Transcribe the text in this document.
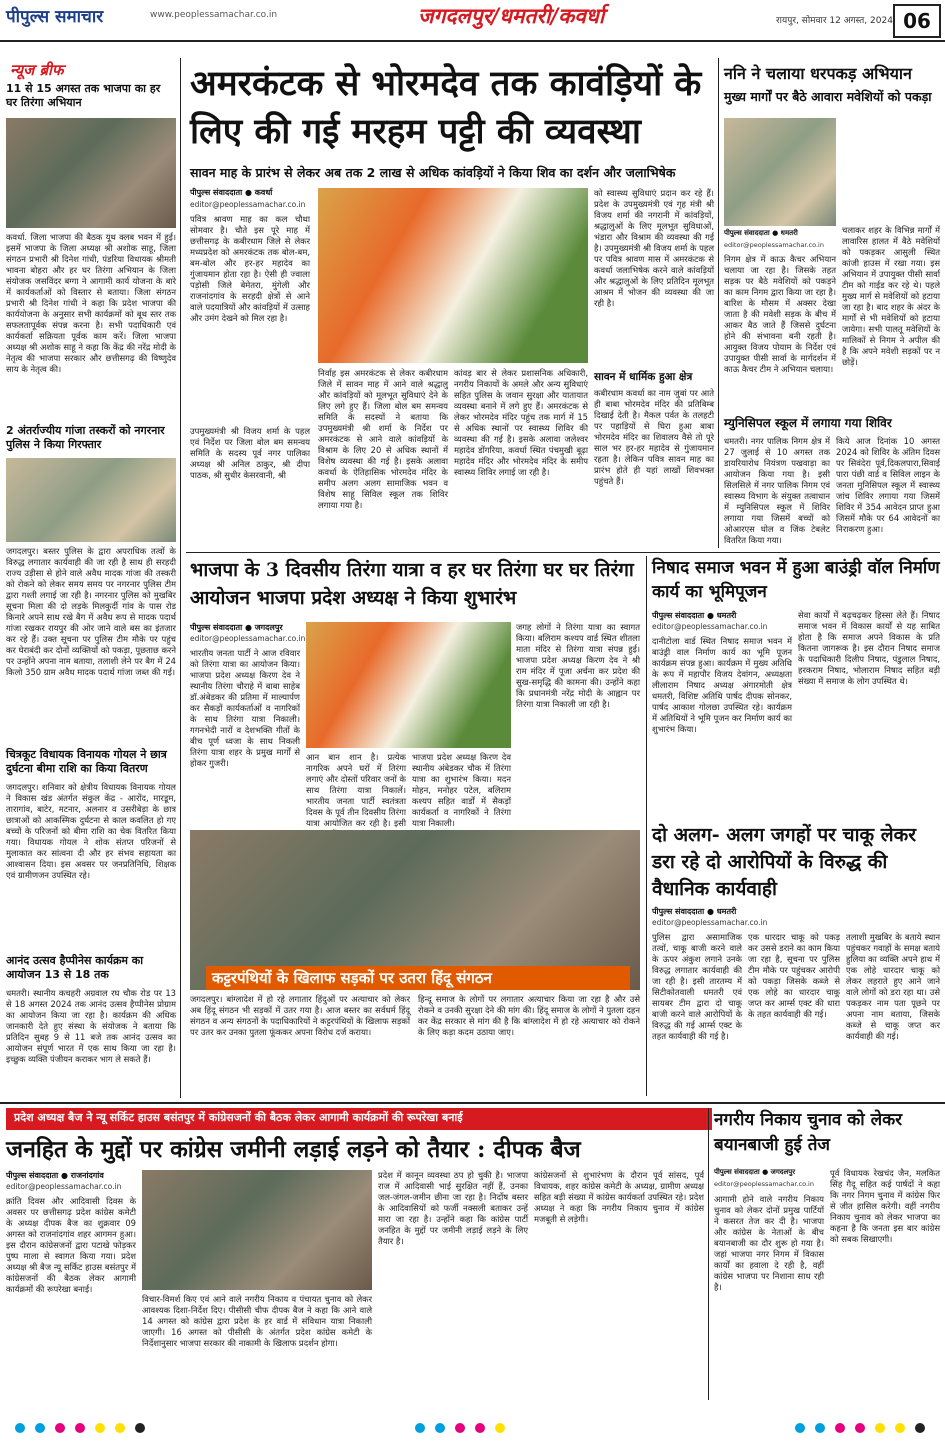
पीपुल्स समाचार	www.peoplessamachar.co.in	जगदलपुर/धमतरी/कवर्धा	रायपुर, सोमवार 12 अगस्त, 2024 06
न्यूज ब्रीफ
11 से 15 अगस्त तक भाजपा का हर घर तिरंगा अभियान
कवर्धा. जिला भाजपा की बैठक यूथ क्लब भवन में हुई। इसमें भाजपा के जिला अध्यक्ष श्री अशोक साहू, जिला संगठन प्रभारी श्री दिनेश गांधी, पंडरिया विधायक श्रीमती भावना बोहरा और हर घर तिरंगा अभियान के जिला संयोजक जसविंदर बग्गा ने आगामी कार्य योजना के बारे में कार्यकर्ताओं को विस्तार से बताया। जिला संगठन प्रभारी श्री दिनेश गांधी ने कहा कि प्रदेश भाजपा की कार्ययोजना के अनुसार सभी कार्यक्रमों को बूथ स्तर तक सफलतापूर्वक संपन्न करना है। सभी पदाधिकारी एवं कार्यकर्ता सक्रियता पूर्वक काम करें। जिला भाजपा अध्यक्ष श्री अशोक साहू ने कहा कि केंद्र की नरेंद्र मोदी के नेतृत्व की भाजपा सरकार और छत्तीसगढ़ की विष्णुदेव साय के नेतृत्व की।
2 अंतर्राज्यीय गांजा तस्करों को नगरनार पुलिस ने किया गिरफ्तार
जगदलपुर। बस्तर पुलिस के द्वारा अपराधिक तत्वों के विरुद्ध लगातार कार्यवाही की जा रही है साथ ही सरहदी राज्य उड़ीसा से होने वाले अवैध मादक गांजा की तस्करी को रोकने को लेकर समय समय पर नगरनार पुलिस टीम द्वारा गश्ती लगाई जा रही है। नगरनार पुलिस को मुखबिर सूचना मिला की दो लड़के मिलकुर्दी गांव के पास रोड किनारे अपने साथ रखे बैग में अवैध रूप से मादक पदार्थ गांजा रखकर रायपुर की ओर जाने वाले बस का इंतजार कर रहे हैं। उक्त सूचना पर पुलिस टीम मौके पर पहुंच कर घेराबंदी कर दोनों व्यक्तियों को पकड़ा, पूछताछ करने पर उन्होंने अपना नाम बताया, तलाशी लेने पर बैग में 24 किलो 350 ग्राम अवैध मादक पदार्थ गांजा जब्त की गई।
चित्रकूट विधायक विनायक गोयल ने छात्र दुर्घटना बीमा राशि का किया वितरण
जगदलपुर। शनिवार को क्षेत्रीय विधायक विनायक गोयल ने विकास खंड अंतर्गत संकुल केंद्र - आरोंद, मारडूम, तारागांव, बाटेर, मटनार, अलनार व उसरीबेड़ा के छात्र छात्राओं को आकस्मिक दुर्घटना से काल कवलित हो गए बच्चों के परिजनों को बीमा राशि का चेक वितरित किया गया। विधायक गोयल ने शोक संतप्त परिजनों से मुलाकात कर सांत्वना दी और हर संभव सहायता का आश्वासन दिया। इस अवसर पर जनप्रतिनिधि, शिक्षक एवं ग्रामीणजन उपस्थित रहे।
आनंद उत्सव हैप्पीनेस कार्यक्रम का आयोजन 13 से 18 तक
धमतरी। स्थानीय कचहरी अग्रवाल रघ चौक रोड पर 13 से 18 अगस्त 2024 तक आनंद उत्सव हैप्पीनेस प्रोग्राम का आयोजन किया जा रहा है। कार्यक्रम की अधिक जानकारी देते हुए संस्था के संयोजक ने बताया कि प्रतिदिन सुबह 9 से 11 बजे तक आनंद उत्सव का आयोजन संपूर्ण भारत में एक साथ किया जा रहा है। इच्छुक व्यक्ति पंजीयन कराकर भाग ले सकते हैं।
अमरकंटक से भोरमदेव तक कावंड़ियों के लिए की गई मरहम पट्टी की व्यवस्था
सावन माह के प्रारंभ से लेकर अब तक 2 लाख से अधिक कांवड़ियों ने किया शिव का दर्शन और जलाभिषेक
पीपुल्स संवाददाता ● कवर्धा
editor@peoplessamachar.co.in
पवित्र श्रावण माह का कल चौथा सोमवार है। चौते इस पूरे माह में छत्तीसगढ़ के कबीरधाम जिले से लेकर मध्यप्रदेश को अमरकंटक तक बोल-बम, बम-बोल और हर-हर महादेव का गुंजायमान होता रहा है। ऐसी ही ज्वाला पड़ोसी जिले बेमेतरा, मुंगेली और राजनांदगांव के सरहदी क्षेत्रों से आने वाले पदयात्रियों और कांवड़ियों में उत्साह और उमंग देखने को मिल रहा है।
उपमुख्यमंत्री श्री विजय शर्मा के पहल एवं निर्देश पर जिला बोल बम समन्वय समिति के सदस्य पूर्व नगर पालिका अध्यक्ष श्री अनिल ठाकुर, श्री दीपा पाठक, श्री सुधीर केसरवानी, श्री
निर्वाह इस अमरकंटक से लेकर कबीरधाम जिले में सावन माह में आने वाले श्रद्धालु और कांवड़ियों को मूलभूत सुविधाएं देने के लिए लगे हुए हैं। जिला बोल बम समन्वय समिति के सदस्यों ने बताया कि उपमुख्यमंत्री श्री शर्मा के निर्देश पर अमरकंटक से आने वाले कांवड़ियों के विश्राम के लिए 20 से अधिक स्थानों में विशेष व्यवस्था की गई है। इसके अलावा कवर्धा के ऐतिहासिक भोरमदेव मंदिर के समीप अलग अलग सामाजिक भवन व विशेष साहू सिविल स्कूल तक शिविर लगाया गया है।
कांवड़ बार से लेकर प्रशासनिक अधिकारी, नगरीय निकायों के अमले और अन्य सुविधाएं सहित पुलिस के जवान सुरक्षा और यातायात व्यवस्था बनाने में लगे हुए हैं। अमरकंटक से लेकर भोरमदेव मंदिर पहुंच तक मार्ग में 15 से अधिक स्थानों पर स्वास्थ्य शिविर की व्यवस्था की गई है। इसके अलावा जलेश्वर महादेव डोंगरिया, कवर्धा स्थित पंचमुखी बूढ़ा महादेव मंदिर और भोरमदेव मंदिर के समीप स्वास्थ्य शिविर लगाई जा रही है।
को स्वास्थ्य सुविधाएं प्रदान कर रहे हैं। प्रदेश के उपमुख्यमंत्री एवं गृह मंत्री श्री विजय शर्मा की नगरानी में कांवड़ियों, श्रद्धालुओं के लिए मूलभूत सुविधाओं, भंडारा और विश्राम की व्यवस्था की गई है। उपमुख्यमंत्री श्री विजय शर्मा के पहल पर पवित्र श्रावण मास में अमरकंटक से कवर्धा जलाभिषेक करने वाले कांवड़ियों और श्रद्धालुओं के लिए प्रतिदिन मूलभूत आश्रम में भोजन की व्यवस्था की जा रही है।
सावन में धार्मिक हुआ क्षेत्र
कबीरधाम कवर्धा का नाम जुबां पर आते ही बाबा भोरमदेव मंदिर की प्रतिबिम्ब दिखाई देती है। मैकल पर्वत के तलहटी पर पहाड़ियों से घिरा हुआ बाबा भोरमदेव मंदिर का शिवालय वैसे तो पूरे साल भर हर-हर महादेव से गुंजायमान रहता है। लेकिन पवित्र सावन माह का प्रारंभ होते ही यहां लाखों शिवभक्त पहुंचते हैं।
ननि ने चलाया धरपकड़ अभियान
मुख्य मार्गों पर बैठे आवारा मवेशियों को पकड़ा
पीपुल्स संवाददाता ● धमतरी
editor@peoplessamachar.co.in
निगम क्षेत्र में काऊ कैचर अभियान चलाया जा रहा है। जिसके तहत सड़क पर बैठे मवेशियों को पकड़ने का काम निगम द्वारा किया जा रहा है। बारिश के मौसम में अक्सर देखा जाता है की मवेशी सड़क के बीच में आकर बैठ जाते हैं जिससे दुर्घटना होने की संभावना बनी रहती है। आयुक्त विजय पोयाम के निर्देश एवं उपायुक्त पीसी सार्वा के मार्गदर्शन में काऊ कैचर टीम ने अभियान चलाया।
चलाकर शहर के विभिन्न मार्गों में लावारिस हालत में बैठे मवेशियों को पकड़कर आसुली स्थित कांजी हाउस में रखा गया। इस अभियान में उपायुक्त पीसी सार्वा टीम को गाईड कर रहे थे। पहले मुख्य मार्ग से मवेशियों को हटाया जा रहा है। बाद शहर के अंदर के मार्गों से भी मवेशियों को हटाया जायेगा। सभी पालतू मवेशियों के मालिकों से निगम ने अपील की है कि अपने मवेशी सड़कों पर न छोड़ें।
म्युनिसिपल स्कूल में लगाया गया शिविर
धमतरी। नगर पालिक निगम क्षेत्र में 27 जुलाई से 10 अगस्त तक डायरियारोध नियंत्रण पखवाड़ा का आयोजन किया गया है। इसी सिलसिले में नगर पालिक निगम एवं स्वास्थ्य विभाग के संयुक्त तत्वाधान में म्युनिसिपल स्कूल में शिविर लगाया गया जिसमें बच्चों को ओआरएस घोल व जिंक टेबलेट वितरित किया गया।
किये आज दिनांक 10 अगस्त 2024 को शिविर के अंतिम दिवस पर सिवंदेरा पूर्व,दिकलपारा,सिवाई पारा पंछी वार्ड व सिविल लाइन के जनता मुनिसिपल स्कूल में स्वास्थ्य जांच शिविर लगाया गया जिसमें शिविर में 354 आवेदन प्राप्त हुआ जिसमें मौके पर 64 आवेदनों का निराकरण हुआ।
भाजपा के 3 दिवसीय तिरंगा यात्रा व हर घर तिरंगा घर घर तिरंगा आयोजन भाजपा प्रदेश अध्यक्ष ने किया शुभारंभ
पीपुल्स संवाददाता ● जगदलपुर
editor@peoplessamachar.co.in
भारतीय जनता पार्टी ने आज रविवार को तिरंगा यात्रा का आयोजन किया। भाजपा प्रदेश अध्यक्ष किरण देव ने स्थानीय तिरंगा चौराहे में बाबा साहेब डॉ.अंबेडकर की प्रतिमा में माल्यार्पण कर सैकड़ों कार्यकर्ताओं व नागरिकों के साथ तिरंगा यात्रा निकाली। गगनभेदी नारों व देशभक्ति गीतों के बीच पूर्ण ध्वजा के साथ निकली तिरंगा यात्रा शहर के प्रमुख मार्गों से होकर गुजरी।
आन बान शान है। प्रत्येक नागरिक अपने घरों में तिरंगा लगाएं और दोस्तों परिवार जनों के साथ तिरंगा यात्रा निकालें। भारतीय जनता पार्टी स्वतंत्रता दिवस के पूर्व तीन दिवसीय तिरंगा यात्रा आयोजित कर रही है। इसी
भाजपा प्रदेश अध्यक्ष किरण देव स्थानीय अंबेडकर चौक में तिरंगा यात्रा का शुभारंभ किया। मदन मोहन, मनोहर पटेल, बलिराम कश्यप सहित वार्डों में सैकड़ों कार्यकर्ता व नागरिकों ने तिरंगा यात्रा निकाली।
जगह लोगों ने तिरंगा यात्रा का स्वागत किया। बलिराम कश्यप वार्ड स्थित शीतला माता मंदिर से तिरंगा यात्रा संपन्न हुई। भाजपा प्रदेश अध्यक्ष किरण देव ने श्री राम मंदिर में पूजा अर्चना कर प्रदेश की सुख-समृद्धि की कामना की। उन्होंने कहा कि प्रधानमंत्री नरेंद्र मोदी के आह्वान पर तिरंगा यात्रा निकाली जा रही है।
कट्टरपंथियों के खिलाफ सड़कों पर उतरा हिंदू संगठन
जगदलपुर। बांग्लादेश में हो रहे लगातार हिंदुओं पर अत्याचार को लेकर अब हिंदू संगठन भी सड़कों में उतर गया है। आज बस्तर का सर्वधर्म हिंदू संगठन व अन्य संगठनों के पदाधिकारियों ने कट्टरपंथियों के खिलाफ सड़कों पर उतर कर उनका पुतला फूंककर अपना विरोध दर्ज कराया।
हिन्दू समाज के लोगों पर लगातार अत्याचार किया जा रहा है और उसे रोकने व उनकी सुरक्षा देने की मांग की। हिंदू समाज के लोगों ने पुतला दहन कर केंद्र सरकार से मांग की है कि बांग्लादेश में हो रहे अत्याचार को रोकने के लिए कड़ा कदम उठाया जाए।
निषाद समाज भवन में हुआ बाउंड्री वॉल निर्माण कार्य का भूमिपूजन
पीपुल्स संवाददाता ● धमतरी
editor@peoplessamachar.co.in
दानीटोला वार्ड स्थित निषाद समाज भवन में बाउंड्री वाल निर्माण कार्य का भूमि पूजन कार्यक्रम संपन्न हुआ। कार्यक्रम में मुख्य अतिथि के रूप में महापौर विजय देवांगन, अध्यक्षता लीलाराम निषाद अध्यक्ष अंगारमोती क्षेत्र धमतरी, विशिष्ट अतिथि पार्षद दीपक सोनकर, पार्षद आकाश गोलछा उपस्थित रहे। कार्यक्रम में अतिथियों ने भूमि पूजन कर निर्माण कार्य का शुभारंभ किया।
सेवा कार्यों में बढ़चढ़कर हिस्सा लेते हैं। निषाद समाज भवन में विकास कार्यों से यह साबित होता है कि समाज अपने विकास के प्रति कितना जागरूक है। इस दौरान निषाद समाज के पदाधिकारी दिलीप निषाद, पंडुलाल निषाद, हरकराम निषाद, भोलाराम निषाद सहित बड़ी संख्या में समाज के लोग उपस्थित थे।
दो अलग- अलग जगहों पर चाकू लेकर डरा रहे दो आरोपियों के विरुद्ध की वैधानिक कार्यवाही
पीपुल्स संवाददाता ● धमतरी
editor@peoplessamachar.co.in
पुलिस द्वारा असामाजिक तत्वों, चाकू बाजी करने वाले के ऊपर अंकुश लगाने उनके विरुद्ध लगातार कार्यवाही की जा रही है। इसी तारतम्य में सिटीकोतवाली धमतरी एवं सायबर टीम द्वारा दो चाकू बाजी करने वाले आरोपियों के विरुद्ध की गई आर्म्स एक्ट के तहत कार्यवाही की गई है।
एक धारदार चाकू को पकड़ कर उससे डराने का काम किया जा रहा है, सूचना पर पुलिस टीम मौके पर पहुंचकर आरोपी को पकड़ा जिसके कब्जे से एक लोहे का धारदार चाकू जप्त कर आर्म्स एक्ट की धारा के तहत कार्यवाही की गई।
तलाशी मुखबिर के बताये स्थान पहुंचकर गवाहों के समक्ष बताये हुलिया का व्यक्ति अपने हाथ में एक लोहे धारदार चाकू को लेकर लहराते हुए आने जाने वाले लोगों को डरा रहा था। उसे पकड़कर नाम पता पूछने पर अपना नाम बताया, जिसके कब्जे से चाकू जप्त कर कार्यवाही की गई।
प्रदेश अध्यक्ष बैज ने न्यू सर्किट हाउस बसंतपुर में कांग्रेसजनों की बैठक लेकर आगामी कार्यक्रमों की रूपरेखा बनाई
जनहित के मुद्दों पर कांग्रेस जमीनी लड़ाई लड़ने को तैयार : दीपक बैज
पीपुल्स संवाददाता ● राजनांदगांव
editor@peoplessamachar.co.in
क्रांति दिवस और आदिवासी दिवस के अवसर पर छत्तीसगढ़ प्रदेश कांग्रेस कमेटी के अध्यक्ष दीपक बैज का शुक्रवार 09 अगस्त को राजनांदगांव शहर आगमन हुआ। इस दौरान कांग्रेसजनों द्वारा पटाखे फोड़कर पुष्प माला से स्वागत किया गया। प्रदेश अध्यक्ष श्री बैज न्यू सर्किट हाउस बसंतपुर में कांग्रेसजनों की बैठक लेकर आगामी कार्यक्रमों की रूपरेखा बनाई।
विचार-विमर्श किए एवं आने वाले नगरीय निकाय व पंचायत चुनाव को लेकर आवश्यक दिशा-निर्देश दिए। पीसीसी चीफ दीपक बैज ने कहा कि आने वाले 14 अगस्त को कांग्रेस द्वारा प्रदेश के हर वार्ड में संविधान यात्रा निकाली जाएगी। 16 अगस्त को पीसीसी के अंतर्गत प्रदेश कांग्रेस कमेटी के निर्देशानुसार भाजपा सरकार की नाकामी के खिलाफ प्रदर्शन होगा।
प्रदेश में कानून व्यवस्था ठप हो चुकी है। भाजपा राज में आदिवासी भाई सुरक्षित नहीं हैं, उनका जल-जंगल-जमीन छीना जा रहा है। निर्दोष बस्तर के आदिवासियों को फर्जी नक्सली बताकर उन्हें मारा जा रहा है। उन्होंने कहा कि कांग्रेस पार्टी जनहित के मुद्दों पर जमीनी लड़ाई लड़ने के लिए तैयार है।
कांग्रेसजनों से शुभारंभण के दौरान पूर्व सांसद, पूर्व विधायक, शहर कांग्रेस कमेटी के अध्यक्ष, ग्रामीण अध्यक्ष सहित बड़ी संख्या में कांग्रेस कार्यकर्ता उपस्थित रहे। प्रदेश अध्यक्ष ने कहा कि नगरीय निकाय चुनाव में कांग्रेस मजबूती से लड़ेगी।
नगरीय निकाय चुनाव को लेकर बयानबाजी हुई तेज
पीपुल्स संवाददाता ● जगदलपुर
editor@peoplessamachar.co.in
आगामी होने वाले नगरीय निकाय चुनाव को लेकर दोनों प्रमुख पार्टियों ने कसरत तेज कर दी है। भाजपा और कांग्रेस के नेताओं के बीच बयानबाजी का दौर शुरू हो गया है। जहां भाजपा नगर निगम में विकास कार्यों का हवाला दे रही है, वहीं कांग्रेस भाजपा पर निशाना साध रही है।
पूर्व विधायक रेखचंद जैन, मलकित सिंह गैदू सहित कई पार्षदों ने कहा कि नगर निगम चुनाव में कांग्रेस फिर से जीत हासिल करेगी। वहीं नगरीय निकाय चुनाव को लेकर भाजपा का कहना है कि जनता इस बार कांग्रेस को सबक सिखाएगी।
